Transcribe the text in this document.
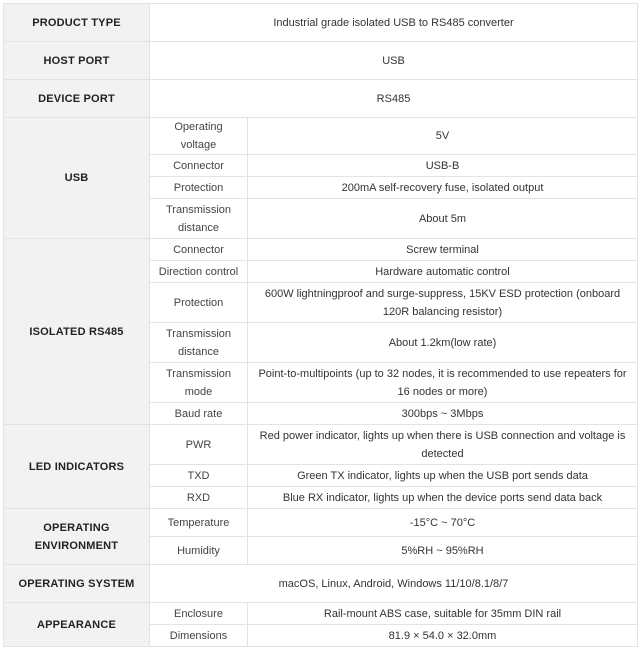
PRODUCT TYPE	Industrial grade isolated USB to RS485 converter	
HOST PORT	USB	
DEVICE PORT	RS485	
USB	Operating voltage	5V
	Connector	USB-B
	Protection	200mA self-recovery fuse, isolated output
	Transmission distance	About 5m
ISOLATED RS485	Connector	Screw terminal
	Direction control	Hardware automatic control
	Protection	600W lightningproof and surge-suppress, 15KV ESD protection (onboard 120R balancing resistor)
	Transmission distance	About 1.2km(low rate)
	Transmission mode	Point-to-multipoints (up to 32 nodes, it is recommended to use repeaters for 16 nodes or more)
	Baud rate	300bps ~ 3Mbps
LED INDICATORS	PWR	Red power indicator, lights up when there is USB connection and voltage is detected
	TXD	Green TX indicator, lights up when the USB port sends data
	RXD	Blue RX indicator, lights up when the device ports send data back
OPERATING ENVIRONMENT	Temperature	-15°C ~ 70°C
	Humidity	5%RH ~ 95%RH
OPERATING SYSTEM	macOS, Linux, Android, Windows 11/10/8.1/8/7	
APPEARANCE	Enclosure	Rail-mount ABS case, suitable for 35mm DIN rail
	Dimensions	81.9 × 54.0 × 32.0mm
